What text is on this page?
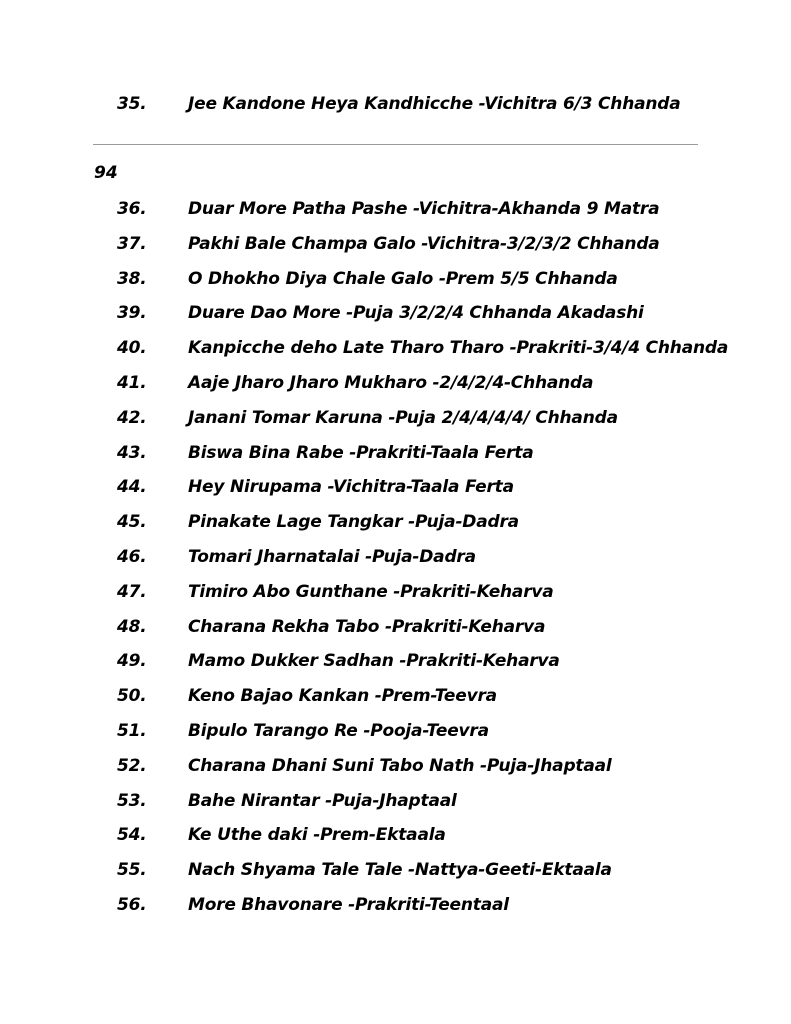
35. Jee Kandone Heya Kandhicche -Vichitra 6/3 Chhanda
94
36. Duar More Patha Pashe -Vichitra-Akhanda 9 Matra
37. Pakhi Bale Champa Galo -Vichitra-3/2/3/2 Chhanda
38. O Dhokho Diya Chale Galo -Prem 5/5 Chhanda
39. Duare Dao More -Puja 3/2/2/4 Chhanda Akadashi
40. Kanpicche deho Late Tharo Tharo -Prakriti-3/4/4 Chhanda
41. Aaje Jharo Jharo Mukharo -2/4/2/4-Chhanda
42. Janani Tomar Karuna -Puja 2/4/4/4/4/ Chhanda
43. Biswa Bina Rabe -Prakriti-Taala Ferta
44. Hey Nirupama -Vichitra-Taala Ferta
45. Pinakate Lage Tangkar -Puja-Dadra
46. Tomari Jharnatalai -Puja-Dadra
47. Timiro Abo Gunthane -Prakriti-Keharva
48. Charana Rekha Tabo -Prakriti-Keharva
49. Mamo Dukker Sadhan -Prakriti-Keharva
50. Keno Bajao Kankan -Prem-Teevra
51. Bipulo Tarango Re -Pooja-Teevra
52. Charana Dhani Suni Tabo Nath -Puja-Jhaptaal
53. Bahe Nirantar -Puja-Jhaptaal
54. Ke Uthe daki -Prem-Ektaala
55. Nach Shyama Tale Tale -Nattya-Geeti-Ektaala
56. More Bhavonare -Prakriti-Teentaal
